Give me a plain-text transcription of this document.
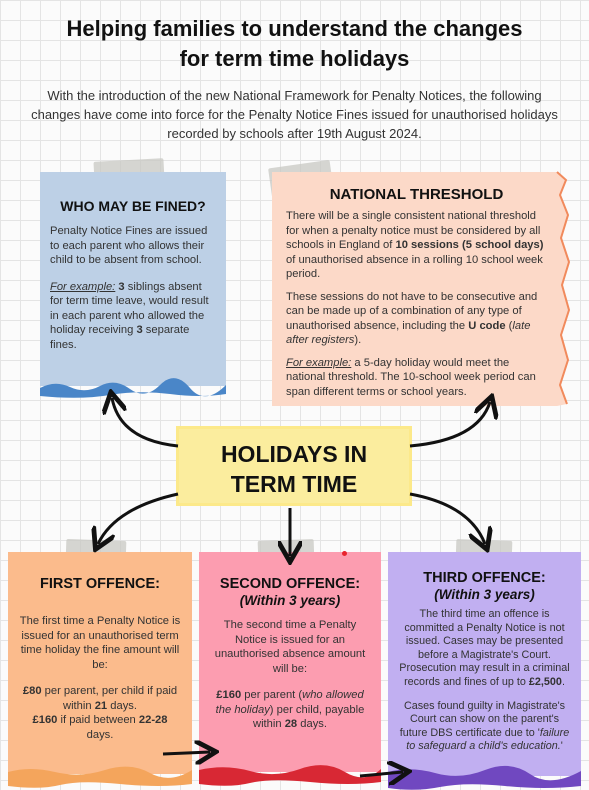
Helping families to understand the changes
for term time holidays
With the introduction of the new National Framework for Penalty Notices, the following changes have come into force for the Penalty Notice Fines issued for unauthorised holidays recorded by schools after 19th August 2024.
WHO MAY BE FINED?

Penalty Notice Fines are issued to each parent who allows their child to be absent from school.

For example: 3 siblings absent for term time leave, would result in each parent who allowed the holiday receiving 3 separate fines.

NATIONAL THRESHOLD

There will be a single consistent national threshold for when a penalty notice must be considered by all schools in England of 10 sessions (5 school days) of unauthorised absence in a rolling 10 school week period.

These sessions do not have to be consecutive and can be made up of a combination of any type of unauthorised absence, including the U code (late after registers).

For example: a 5-day holiday would meet the national threshold. The 10-school week period can span different terms or school years.

HOLIDAYS IN
TERM TIME
FIRST OFFENCE:

The first time a Penalty Notice is issued for an unauthorised term time holiday the fine amount will be:

£80 per parent, per child if paid within 21 days.
£160 if paid between 22-28 days.

SECOND OFFENCE:
(Within 3 years)

The second time a Penalty Notice is issued for an unauthorised absence amount will be:

£160 per parent (who allowed the holiday) per child, payable within 28 days.

THIRD OFFENCE:
(Within 3 years)

The third time an offence is committed a Penalty Notice is not issued. Cases may be presented before a Magistrate's Court. Prosecution may result in a criminal records and fines of up to £2,500.

Cases found guilty in Magistrate's Court can show on the parent's future DBS certificate due to 'failure to safeguard a child's education.'
